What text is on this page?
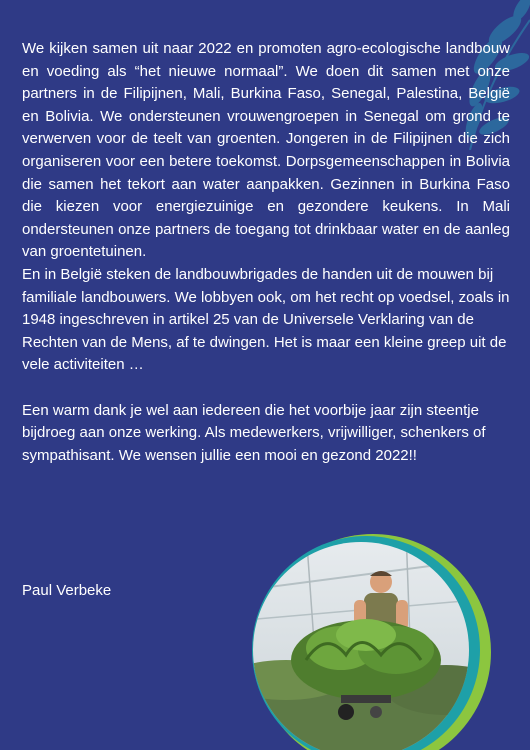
We kijken samen uit naar 2022 en promoten agro-ecologische landbouw en voeding als “het nieuwe normaal”. We doen dit samen met onze partners in de Filipijnen, Mali, Burkina Faso, Senegal, Palestina, België en Bolivia. We ondersteunen vrouwengroepen in Senegal om grond te verwerven voor de teelt van groenten. Jongeren in de Filipijnen die zich organiseren voor een betere toekomst. Dorpsgemeenschappen in Bolivia die samen het tekort aan water aanpakken. Gezinnen in Burkina Faso die kiezen voor energiezuinige en gezondere keukens. In Mali ondersteunen onze partners de toegang tot drinkbaar water en de aanleg van groentetuinen.

En in België steken de landbouwbrigades de handen uit de mouwen bij familiale landbouwers. We lobbyen ook, om het recht op voedsel, zoals in 1948 ingeschreven in artikel 25 van de Universele Verklaring van de Rechten van de Mens, af te dwingen. Het is maar een kleine greep uit de vele activiteiten …

Een warm dank je wel aan iedereen die het voorbije jaar zijn steentje bijdroeg aan onze werking. Als medewerkers, vrijwilliger, schenkers of sympathisant. We wensen jullie een mooi en gezond 2022!!

Paul Verbeke
